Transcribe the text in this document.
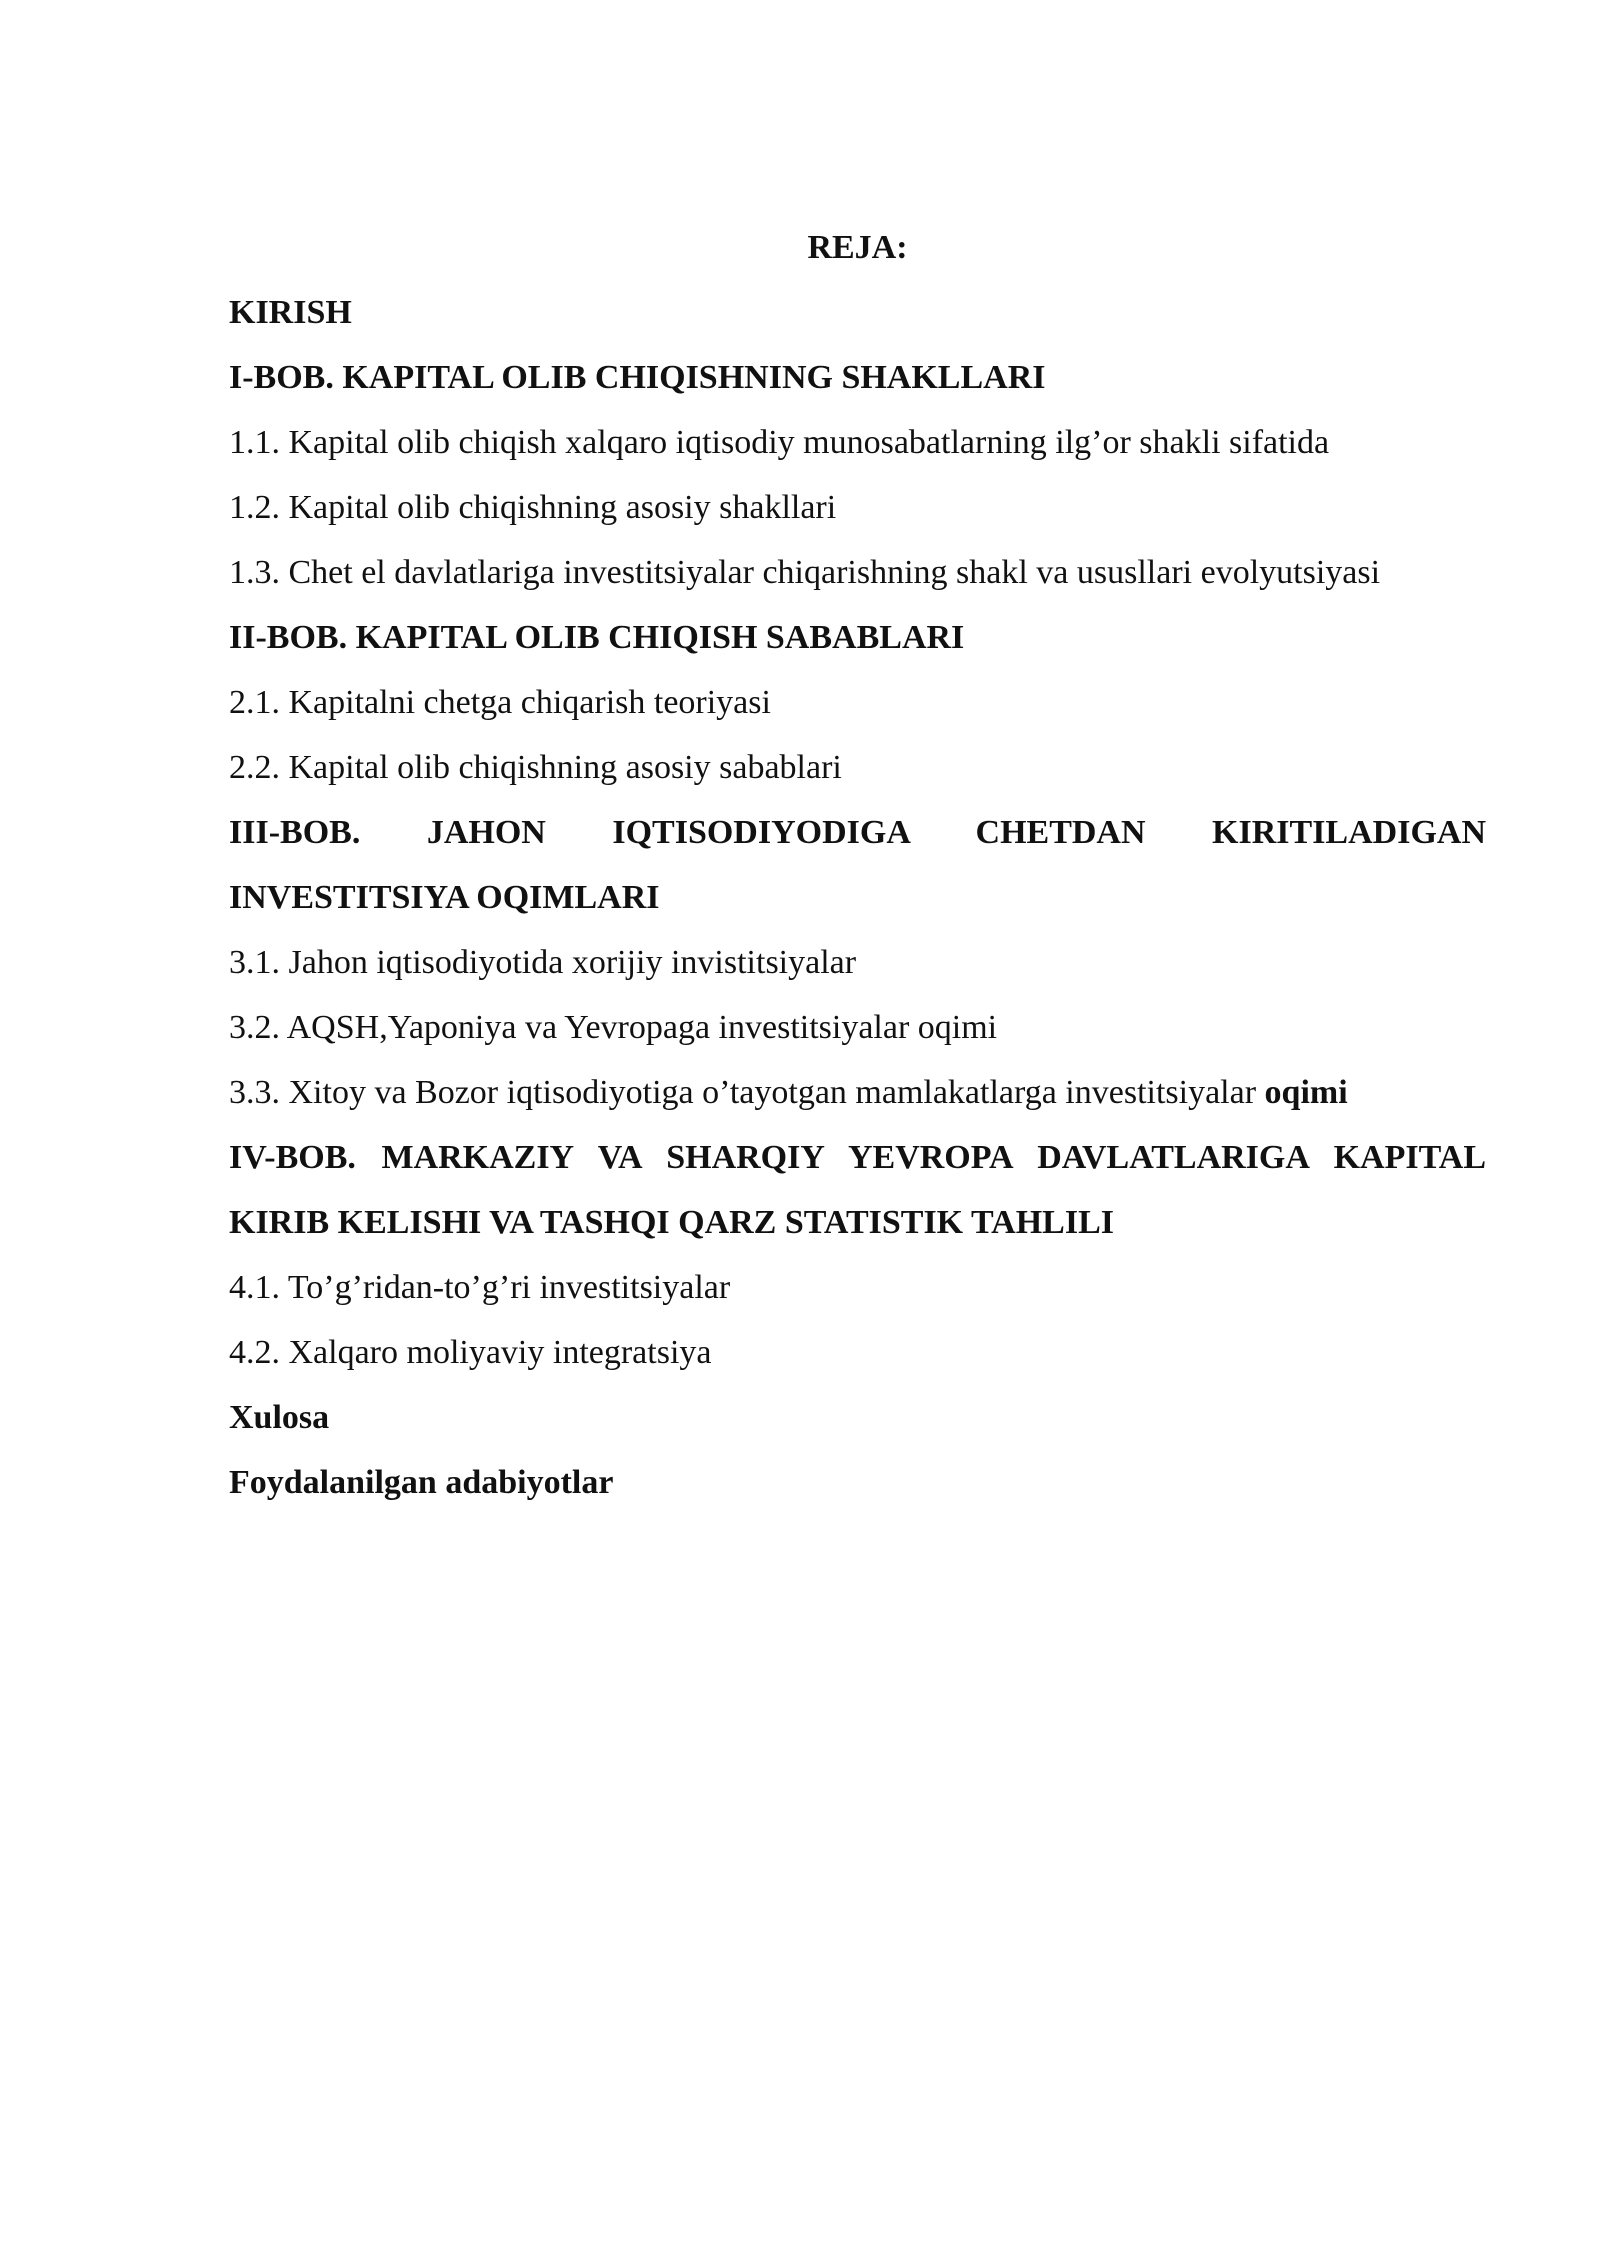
REJA:

KIRISH

I-BOB. KAPITAL OLIB CHIQISHNING SHAKLLARI

1.1. Kapital olib chiqish xalqaro iqtisodiy munosabatlarning ilg’or shakli sifatida

1.2. Kapital olib chiqishning asosiy shakllari

1.3. Chet el davlatlariga investitsiyalar chiqarishning shakl va ususllari evolyutsiyasi

II-BOB. KAPITAL OLIB CHIQISH SABABLARI

2.1. Kapitalni chetga chiqarish teoriyasi

2.2. Kapital olib chiqishning asosiy sabablari

III-BOB. JAHON IQTISODIYODIGA CHETDAN KIRITILADIGAN INVESTITSIYA OQIMLARI

3.1. Jahon iqtisodiyotida xorijiy invistitsiyalar

3.2. AQSH,Yaponiya va Yevropaga investitsiyalar oqimi

3.3. Xitoy va Bozor iqtisodiyotiga o’tayotgan mamlakatlarga investitsiyalar oqimi

IV-BOB. MARKAZIY VA SHARQIY YEVROPA DAVLATLARIGA KAPITAL KIRIB KELISHI VA TASHQI QARZ STATISTIK TAHLILI

4.1. To’g’ridan-to’g’ri investitsiyalar

4.2. Xalqaro moliyaviy integratsiya

Xulosa

Foydalanilgan adabiyotlar
